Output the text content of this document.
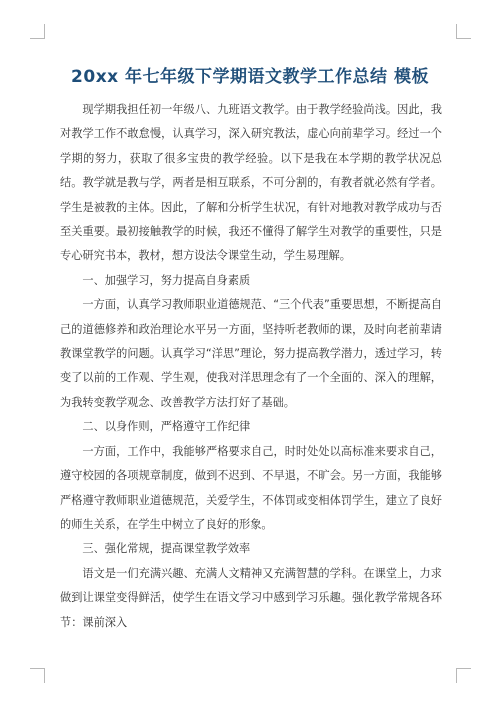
20xx 年七年级下学期语文教学工作总结 模板

现学期我担任初一年级八、九班语文教学。由于教学经验尚浅。因此，我对教学工作不敢怠慢，认真学习，深入研究教法，虚心向前辈学习。经过一个学期的努力，获取了很多宝贵的教学经验。以下是我在本学期的教学状况总结。教学就是教与学，两者是相互联系，不可分割的，有教者就必然有学者。学生是被教的主体。因此，了解和分析学生状况，有针对地教对教学成功与否至关重要。最初接触教学的时候，我还不懂得了解学生对教学的重要性，只是专心研究书本，教材，想方设法令课堂生动，学生易理解。

一、加强学习，努力提高自身素质

一方面，认真学习教师职业道德规范、“三个代表”重要思想，不断提高自己的道德修养和政治理论水平另一方面，坚持听老教师的课，及时向老前辈请教课堂教学的问题。认真学习“洋思”理论，努力提高教学潜力，透过学习，转变了以前的工作观、学生观，使我对洋思理念有了一个全面的、深入的理解，为我转变教学观念、改善教学方法打好了基础。

二、以身作则，严格遵守工作纪律

一方面，工作中，我能够严格要求自己，时时处处以高标准来要求自己，遵守校园的各项规章制度，做到不迟到、不早退，不旷会。另一方面，我能够严格遵守教师职业道德规范，关爱学生，不体罚或变相体罚学生，建立了良好的师生关系，在学生中树立了良好的形象。

三、强化常规，提高课堂教学效率

语文是一们充满兴趣、充满人文精神又充满智慧的学科。在课堂上，力求做到让课堂变得鲜活，使学生在语文学习中感到学习乐趣。强化教学常规各环节：课前深入
